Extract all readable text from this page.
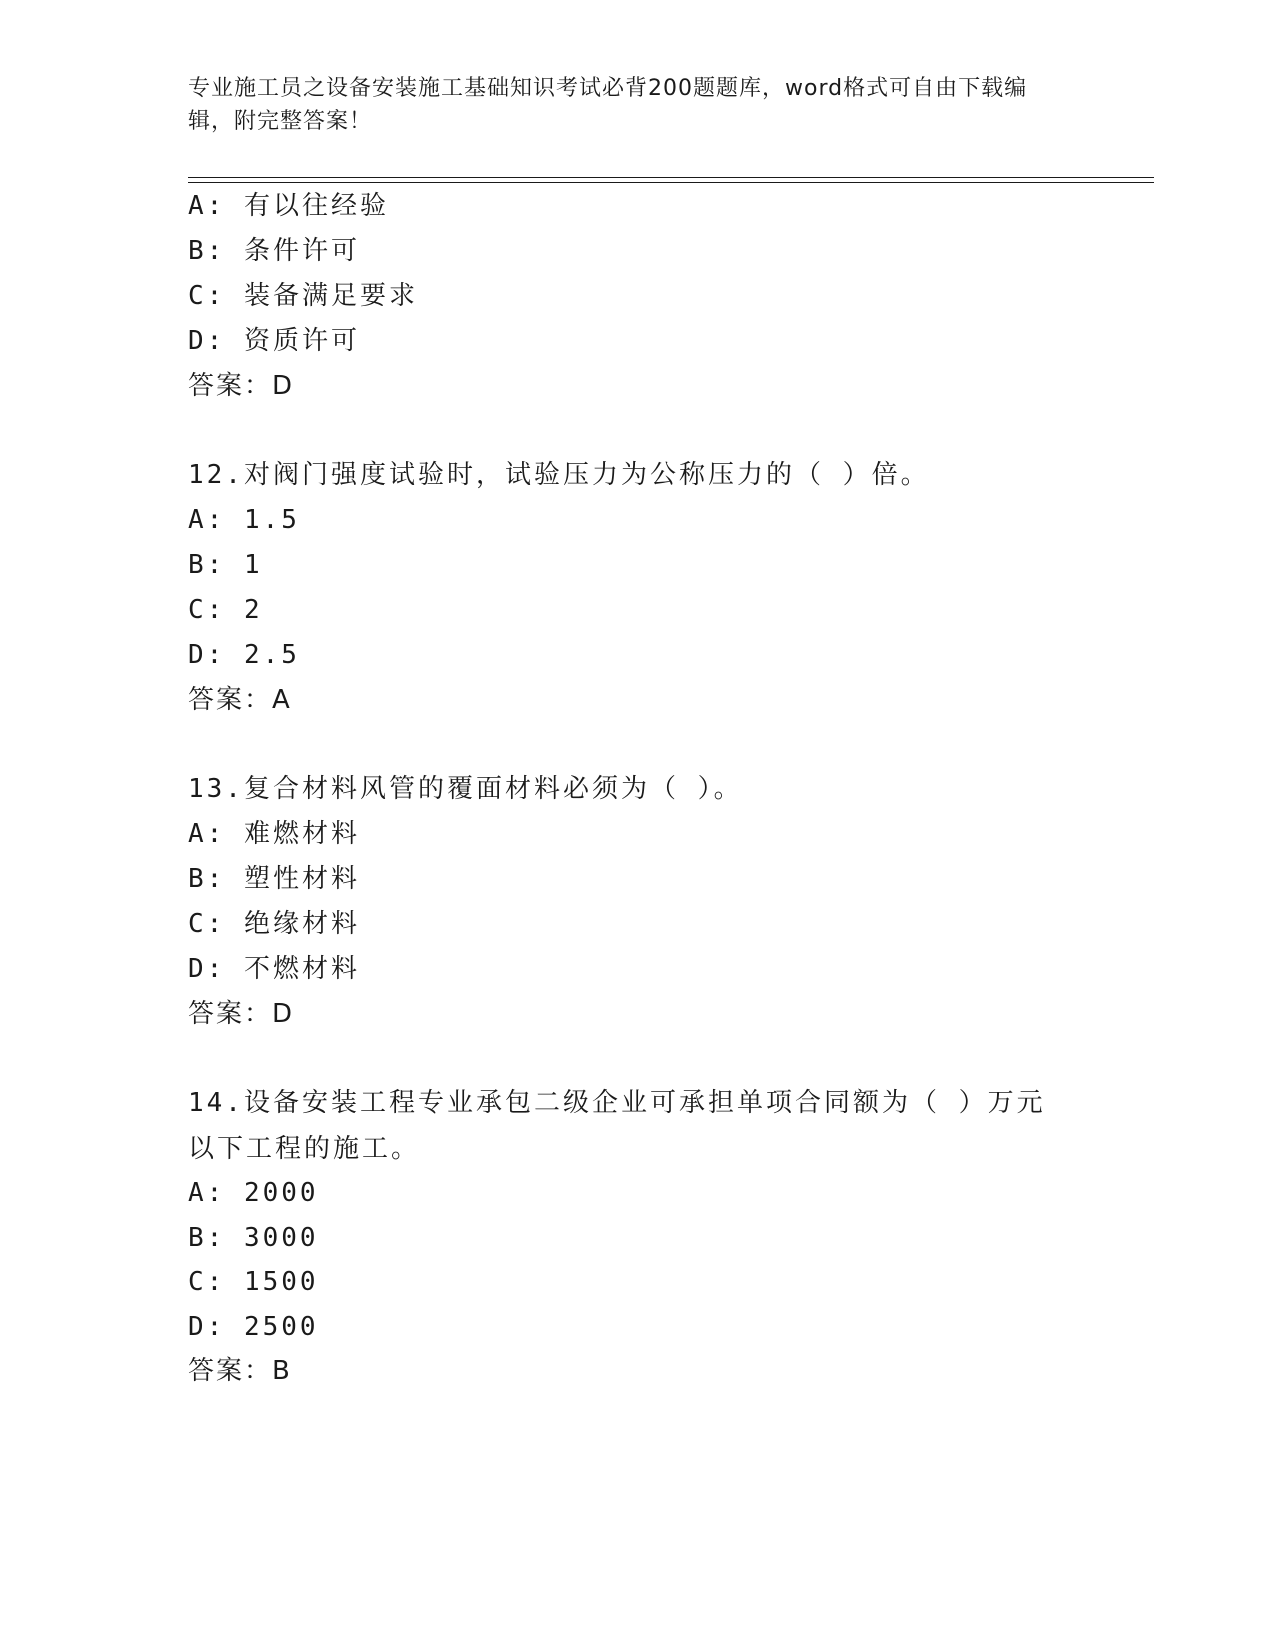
专业施工员之设备安装施工基础知识考试必背200题题库，word格式可自由下载编辑，附完整答案！
A: 有以往经验
B: 条件许可
C: 装备满足要求
D: 资质许可
答案：D
12.对阀门强度试验时，试验压力为公称压力的（ ）倍。
A: 1.5
B: 1
C: 2
D: 2.5
答案：A
13.复合材料风管的覆面材料必须为（ ）。
A: 难燃材料
B: 塑性材料
C: 绝缘材料
D: 不燃材料
答案：D
14.设备安装工程专业承包二级企业可承担单项合同额为（ ）万元以下工程的施工。
A: 2000
B: 3000
C: 1500
D: 2500
答案：B
